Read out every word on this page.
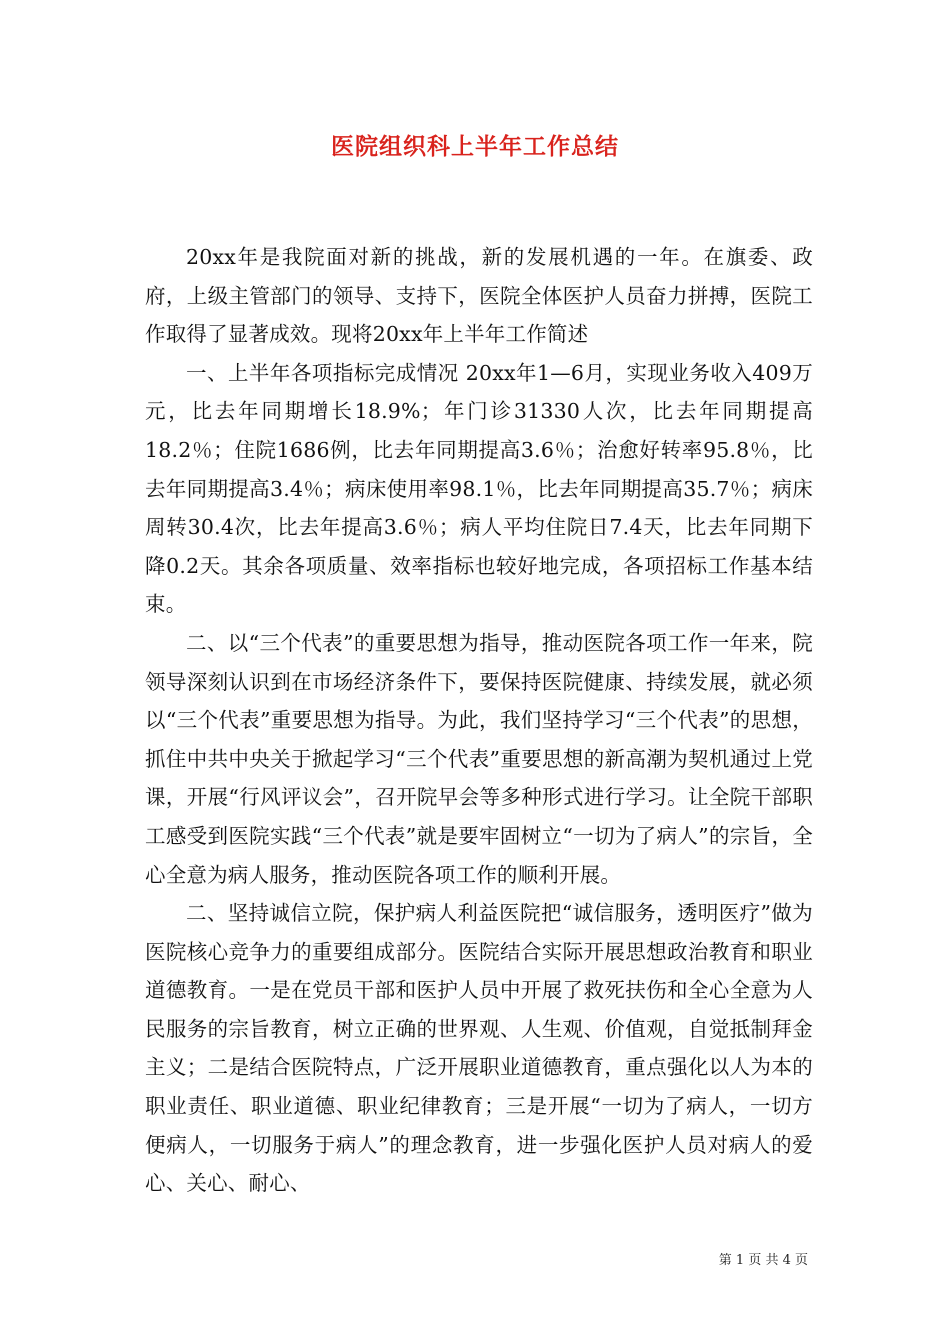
医院组织科上半年工作总结

20xx年是我院面对新的挑战，新的发展机遇的一年。在旗委、政府，上级主管部门的领导、支持下，医院全体医护人员奋力拼搏，医院工作取得了显著成效。现将20xx年上半年工作简述

一、上半年各项指标完成情况 20xx年1—6月，实现业务收入409万元，比去年同期增长18.9%；年门诊31330人次，比去年同期提高18.2％；住院1686例，比去年同期提高3.6％；治愈好转率95.8％，比去年同期提高3.4％；病床使用率98.1％，比去年同期提高35.7％；病床周转30.4次，比去年提高3.6％；病人平均住院日7.4天，比去年同期下降0.2天。其余各项质量、效率指标也较好地完成，各项招标工作基本结束。

二、以“三个代表”的重要思想为指导，推动医院各项工作一年来，院领导深刻认识到在市场经济条件下，要保持医院健康、持续发展，就必须以“三个代表”重要思想为指导。为此，我们坚持学习“三个代表”的思想，抓住中共中央关于掀起学习“三个代表”重要思想的新高潮为契机通过上党课，开展“行风评议会”，召开院早会等多种形式进行学习。让全院干部职工感受到医院实践“三个代表”就是要牢固树立“一切为了病人”的宗旨，全心全意为病人服务，推动医院各项工作的顺利开展。

二、坚持诚信立院，保护病人利益医院把“诚信服务，透明医疗”做为医院核心竞争力的重要组成部分。医院结合实际开展思想政治教育和职业道德教育。一是在党员干部和医护人员中开展了救死扶伤和全心全意为人民服务的宗旨教育，树立正确的世界观、人生观、价值观，自觉抵制拜金主义；二是结合医院特点，广泛开展职业道德教育，重点强化以人为本的职业责任、职业道德、职业纪律教育；三是开展“一切为了病人，一切方便病人，一切服务于病人”的理念教育，进一步强化医护人员对病人的爱心、关心、耐心、

第 1 页 共 4 页
